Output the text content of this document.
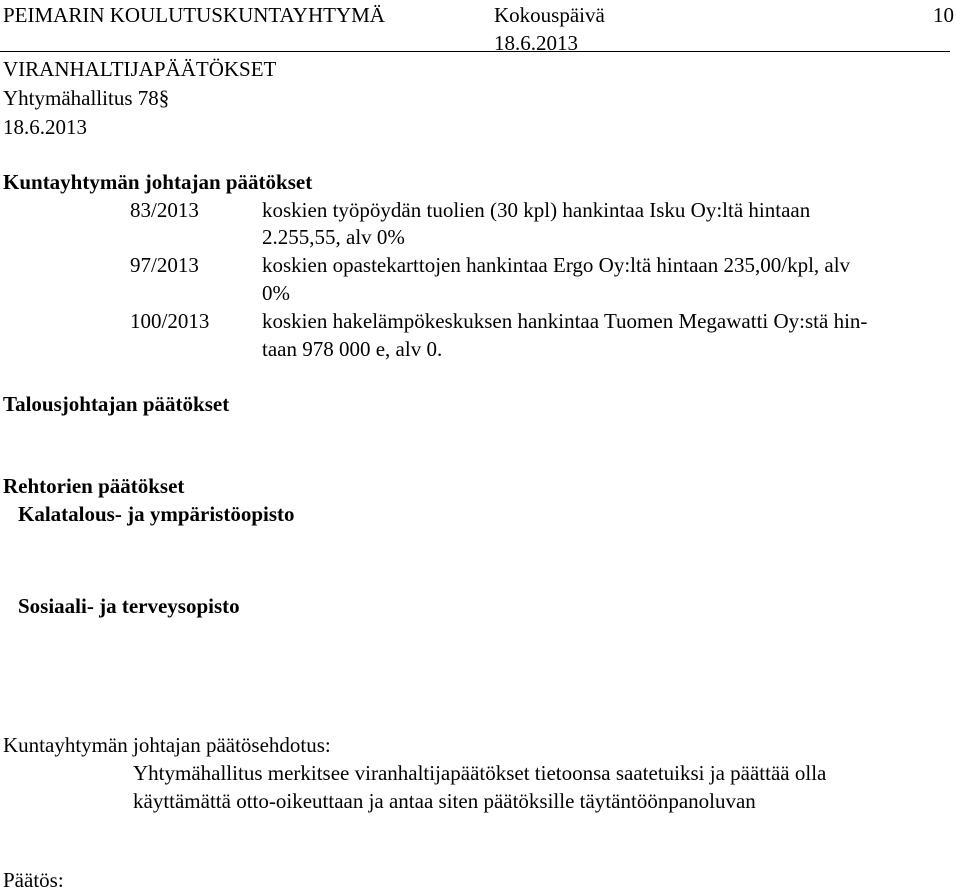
PEIMARIN KOULUTUSKUNTAYHTYMÄ	Kokouspäivä	10
18.6.2013
VIRANHALTIJAPÄÄTÖKSET
Yhtymähallitus 78§
18.6.2013
Kuntayhtymän johtajan päätökset
83/2013	koskien työpöydän tuolien (30 kpl) hankintaa Isku Oy:ltä hintaan
2.255,55, alv 0%
97/2013	koskien opastekarttojen hankintaa Ergo Oy:ltä hintaan 235,00/kpl, alv
0%
100/2013	koskien hakelämpökeskuksen hankintaa Tuomen Megawatti Oy:stä hin-
taan 978 000 e, alv 0.
Talousjohtajan päätökset
Rehtorien päätökset
Kalatalous- ja ympäristöopisto
Sosiaali- ja terveysopisto
Kuntayhtymän johtajan päätösehdotus:
Yhtymähallitus merkitsee viranhaltijapäätökset tietoonsa saatetuiksi ja päättää olla
käyttämättä otto-oikeuttaan ja antaa siten päätöksille täytäntöönpanoluvan
Päätös:
